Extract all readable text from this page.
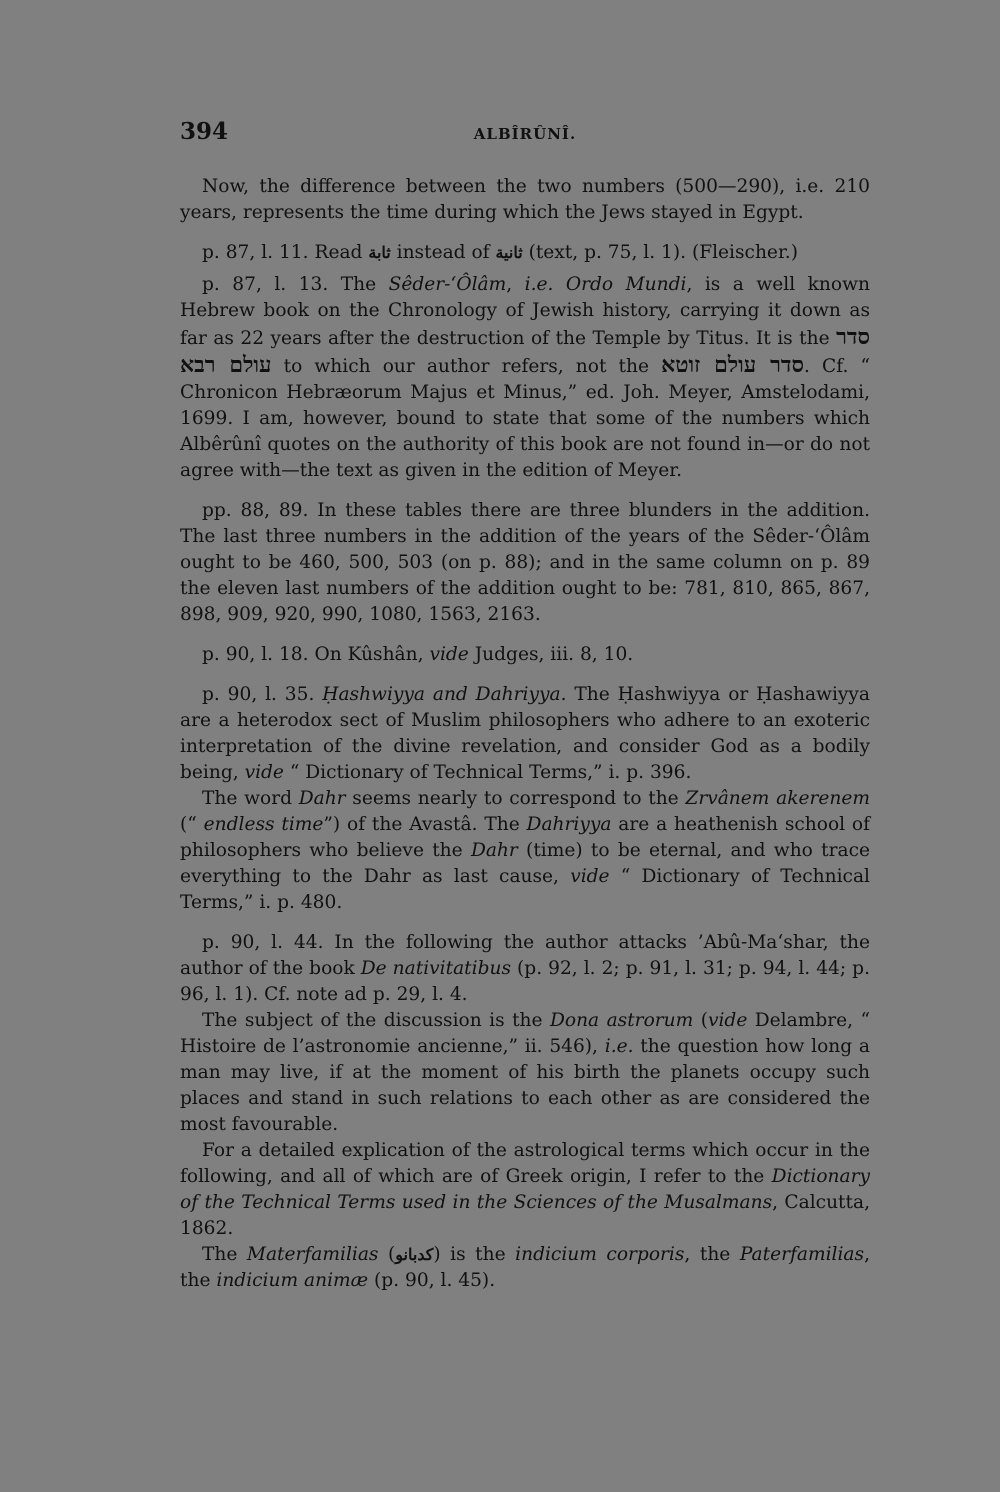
394	ALBÎRÛNÎ.

Now, the difference between the two numbers (500—290), i.e. 210 years, represents the time during which the Jews stayed in Egypt.

p. 87, l. 11. Read ثابة instead of ثانية (text, p. 75, l. 1). (Fleischer.)

p. 87, l. 13. The Sêder-‘Ôlâm, i.e. Ordo Mundi, is a well known Hebrew book on the Chronology of Jewish history, carrying it down as far as 22 years after the destruction of the Temple by Titus. It is the סדר עולם רבא to which our author refers, not the סדר עולם זוטא. Cf. “ Chronicon Hebræorum Majus et Minus,” ed. Joh. Meyer, Amstelodami, 1699. I am, however, bound to state that some of the numbers which Albêrûnî quotes on the authority of this book are not found in—or do not agree with—the text as given in the edition of Meyer.

pp. 88, 89. In these tables there are three blunders in the addition. The last three numbers in the addition of the years of the Sêder-‘Ôlâm ought to be 460, 500, 503 (on p. 88); and in the same column on p. 89 the eleven last numbers of the addition ought to be: 781, 810, 865, 867, 898, 909, 920, 990, 1080, 1563, 2163.

p. 90, l. 18. On Kûshân, vide Judges, iii. 8, 10.

p. 90, l. 35. Ḥashwiyya and Dahriyya. The Ḥashwiyya or Ḥashawiyya are a heterodox sect of Muslim philosophers who adhere to an exoteric interpretation of the divine revelation, and consider God as a bodily being, vide “ Dictionary of Technical Terms,” i. p. 396.

The word Dahr seems nearly to correspond to the Zrvânem akerenem (“ endless time”) of the Avastâ. The Dahriyya are a heathenish school of philosophers who believe the Dahr (time) to be eternal, and who trace everything to the Dahr as last cause, vide “ Dictionary of Technical Terms,” i. p. 480.

p. 90, l. 44. In the following the author attacks ’Abû-Ma‘shar, the author of the book De nativitatibus (p. 92, l. 2; p. 91, l. 31; p. 94, l. 44; p. 96, l. 1). Cf. note ad p. 29, l. 4.

The subject of the discussion is the Dona astrorum (vide Delambre, “ Histoire de l’astronomie ancienne,” ii. 546), i.e. the question how long a man may live, if at the moment of his birth the planets occupy such places and stand in such relations to each other as are considered the most favourable.

For a detailed explication of the astrological terms which occur in the following, and all of which are of Greek origin, I refer to the Dictionary of the Technical Terms used in the Sciences of the Musalmans, Calcutta, 1862.

The Materfamilias (كدبانو) is the indicium corporis, the Paterfamilias, the indicium animæ (p. 90, l. 45).
